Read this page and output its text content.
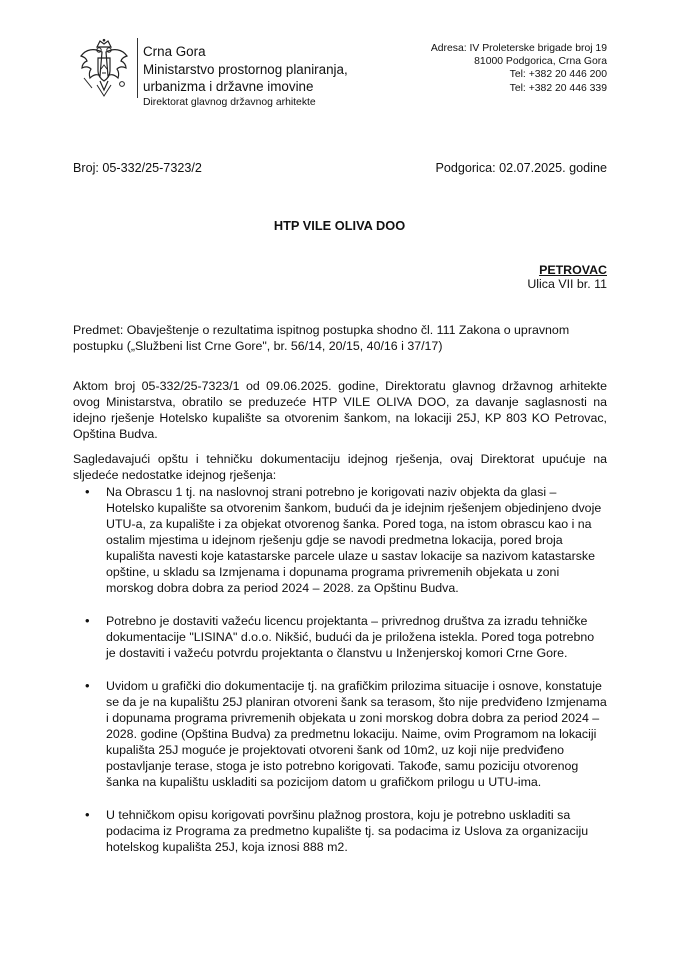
Crna Gora
Ministarstvo prostornog planiranja,
urbanizma i državne imovine
Direktorat glavnog državnog arhitekte
Adresa: IV Proleterske brigade broj 19
81000 Podgorica, Crna Gora
Tel: +382 20 446 200
Tel: +382 20 446 339
Broj: 05-332/25-7323/2	Podgorica: 02.07.2025. godine
HTP VILE OLIVA DOO
PETROVAC
Ulica VII br. 11
Predmet: Obavještenje o rezultatima ispitnog postupka shodno čl. 111 Zakona o upravnom postupku („Službeni list Crne Gore", br. 56/14, 20/15, 40/16 i 37/17)
Aktom broj 05-332/25-7323/1 od 09.06.2025. godine, Direktoratu glavnog državnog arhitekte ovog Ministarstva, obratilo se preduzeće HTP VILE OLIVA DOO, za davanje saglasnosti na idejno rješenje Hotelsko kupalište sa otvorenim šankom, na lokaciji 25J, KP 803 KO Petrovac, Opština Budva.
Sagledavajući opštu i tehničku dokumentaciju idejnog rješenja, ovaj Direktorat upućuje na sljedeće nedostatke idejnog rješenja:
• Na Obrascu 1 tj. na naslovnoj strani potrebno je korigovati naziv objekta da glasi – Hotelsko kupalište sa otvorenim šankom, budući da je idejnim rješenjem objedinjeno dvoje UTU-a, za kupalište i za objekat otvorenog šanka. Pored toga, na istom obrascu kao i na ostalim mjestima u idejnom rješenju gdje se navodi predmetna lokacija, pored broja kupališta navesti koje katastarske parcele ulaze u sastav lokacije sa nazivom katastarske opštine, u skladu sa Izmjenama i dopunama programa privremenih objekata u zoni morskog dobra dobra za period 2024 – 2028. za Opštinu Budva.
• Potrebno je dostaviti važeću licencu projektanta – privrednog društva za izradu tehničke dokumentacije "LISINA" d.o.o. Nikšić, budući da je priložena istekla. Pored toga potrebno je dostaviti i važeću potvrdu projektanta o članstvu u Inženjerskoj komori Crne Gore.
• Uvidom u grafički dio dokumentacije tj. na grafičkim prilozima situacije i osnove, konstatuje se da je na kupalištu 25J planiran otvoreni šank sa terasom, što nije predviđeno Izmjenama i dopunama programa privremenih objekata u zoni morskog dobra dobra za period 2024 – 2028. godine (Opština Budva) za predmetnu lokaciju. Naime, ovim Programom na lokaciji kupališta 25J moguće je projektovati otvoreni šank od 10m2, uz koji nije predviđeno postavljanje terase, stoga je isto potrebno korigovati. Takođe, samu poziciju otvorenog šanka na kupalištu uskladiti sa pozicijom datom u grafičkom prilogu u UTU-ima.
• U tehničkom opisu korigovati površinu plažnog prostora, koju je potrebno uskladiti sa podacima iz Programa za predmetno kupalište tj. sa podacima iz Uslova za organizaciju hotelskog kupališta 25J, koja iznosi 888 m2.
